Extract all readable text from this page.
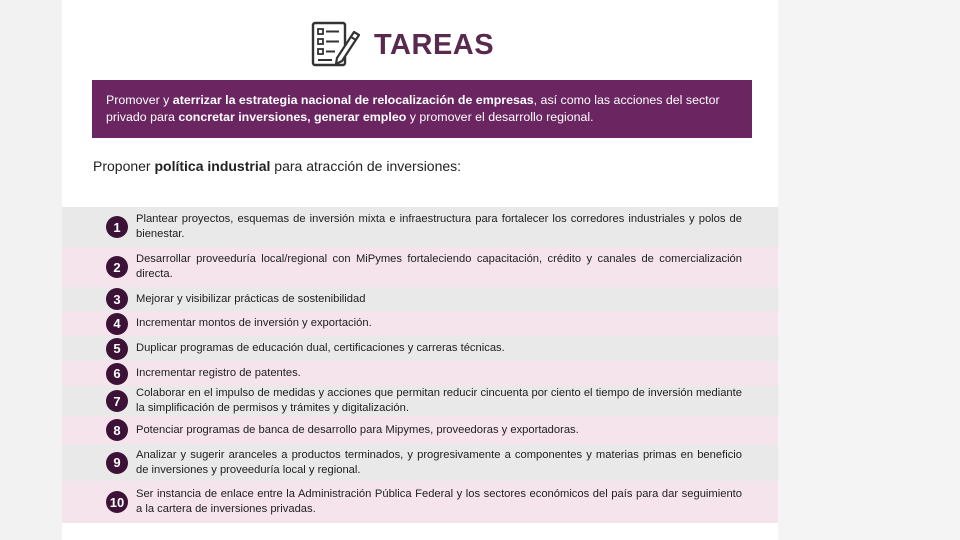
TAREAS
Promover y aterrizar la estrategia nacional de relocalización de empresas, así como las acciones del sector privado para concretar inversiones, generar empleo y promover el desarrollo regional.
Proponer política industrial para atracción de inversiones:
1
Plantear proyectos, esquemas de inversión mixta e infraestructura para fortalecer los corredores industriales y polos de bienestar.
2
Desarrollar proveeduría local/regional con MiPymes fortaleciendo capacitación, crédito y canales de comercialización directa.
3	Mejorar y visibilizar prácticas de sostenibilidad
4	Incrementar montos de inversión y exportación.
5	Duplicar programas de educación dual, certificaciones y carreras técnicas.
6	Incrementar registro de patentes.
7
Colaborar en el impulso de medidas y acciones que permitan reducir cincuenta por ciento el tiempo de inversión mediante la simplificación de permisos y trámites y digitalización.
8	Potenciar programas de banca de desarrollo para Mipymes, proveedoras y exportadoras.
9
Analizar y sugerir aranceles a productos terminados, y progresivamente a componentes y materias primas en beneficio de inversiones y proveeduría local y regional.
10
Ser instancia de enlace entre la Administración Pública Federal y los sectores económicos del país para dar seguimiento a la cartera de inversiones privadas.
